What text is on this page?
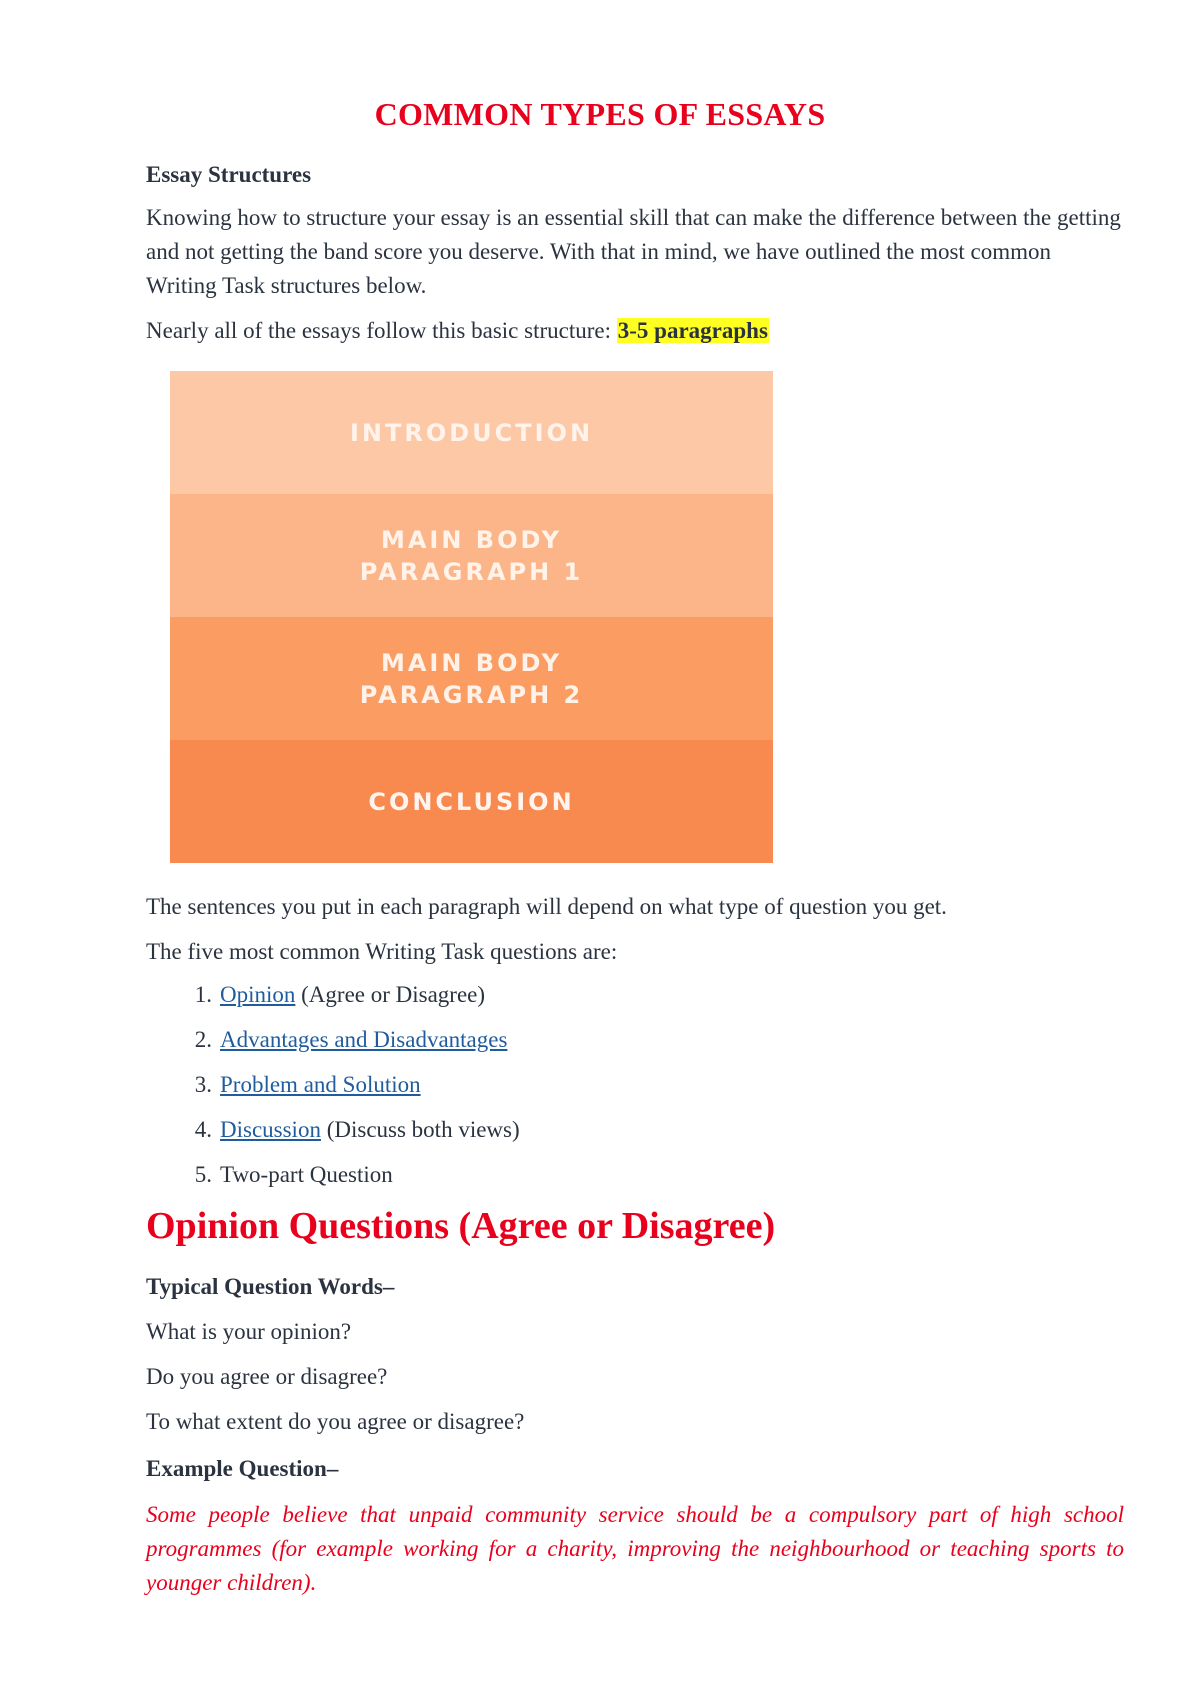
COMMON TYPES OF ESSAYS
Essay Structures
Knowing how to structure your essay is an essential skill that can make the difference between the getting and not getting the band score you deserve. With that in mind, we have outlined the most common Writing Task structures below.
Nearly all of the essays follow this basic structure: 3-5 paragraphs
INTRODUCTION
MAIN BODY
PARAGRAPH 1
MAIN BODY
PARAGRAPH 2
CONCLUSION
The sentences you put in each paragraph will depend on what type of question you get.
The five most common Writing Task questions are:
1. Opinion (Agree or Disagree)
2. Advantages and Disadvantages
3. Problem and Solution
4. Discussion (Discuss both views)
5. Two-part Question
Opinion Questions (Agree or Disagree)
Typical Question Words–
What is your opinion?
Do you agree or disagree?
To what extent do you agree or disagree?
Example Question–
Some people believe that unpaid community service should be a compulsory part of high school programmes (for example working for a charity, improving the neighbourhood or teaching sports to younger children).
